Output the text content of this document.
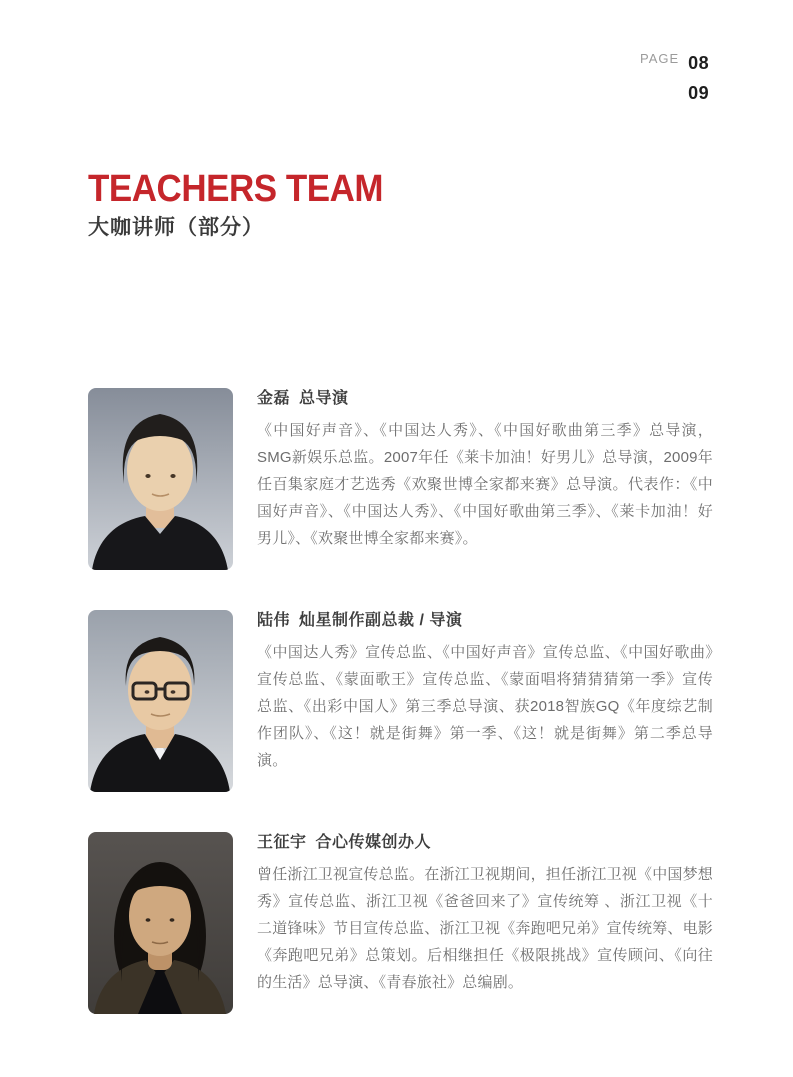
PAGE 08
09
TEACHERS TEAM
大咖讲师（部分）
金磊 总导演

《中国好声音》、《中国达人秀》、《中国好歌曲第三季》总导演，SMG新娱乐总监。2007年任《莱卡加油！好男儿》总导演，2009年任百集家庭才艺选秀《欢聚世博全家都来赛》总导演。代表作：《中国好声音》、《中国达人秀》、《中国好歌曲第三季》、《莱卡加油！好男儿》、《欢聚世博全家都来赛》。

陆伟 灿星制作副总裁 / 导演

《中国达人秀》宣传总监、《中国好声音》宣传总监、《中国好歌曲》宣传总监、《蒙面歌王》宣传总监、《蒙面唱将猜猜猜第一季》宣传总监、《出彩中国人》第三季总导演、获2018智族GQ《年度综艺制作团队》、《这！就是街舞》第一季、《这！就是街舞》第二季总导演。

王征宇 合心传媒创办人

曾任浙江卫视宣传总监。在浙江卫视期间，担任浙江卫视《中国梦想秀》宣传总监、浙江卫视《爸爸回来了》宣传统筹 、浙江卫视《十二道锋味》节目宣传总监、浙江卫视《奔跑吧兄弟》宣传统筹、电影《奔跑吧兄弟》总策划。后相继担任《极限挑战》宣传顾问、《向往的生活》总导演、《青春旅社》总编剧。
